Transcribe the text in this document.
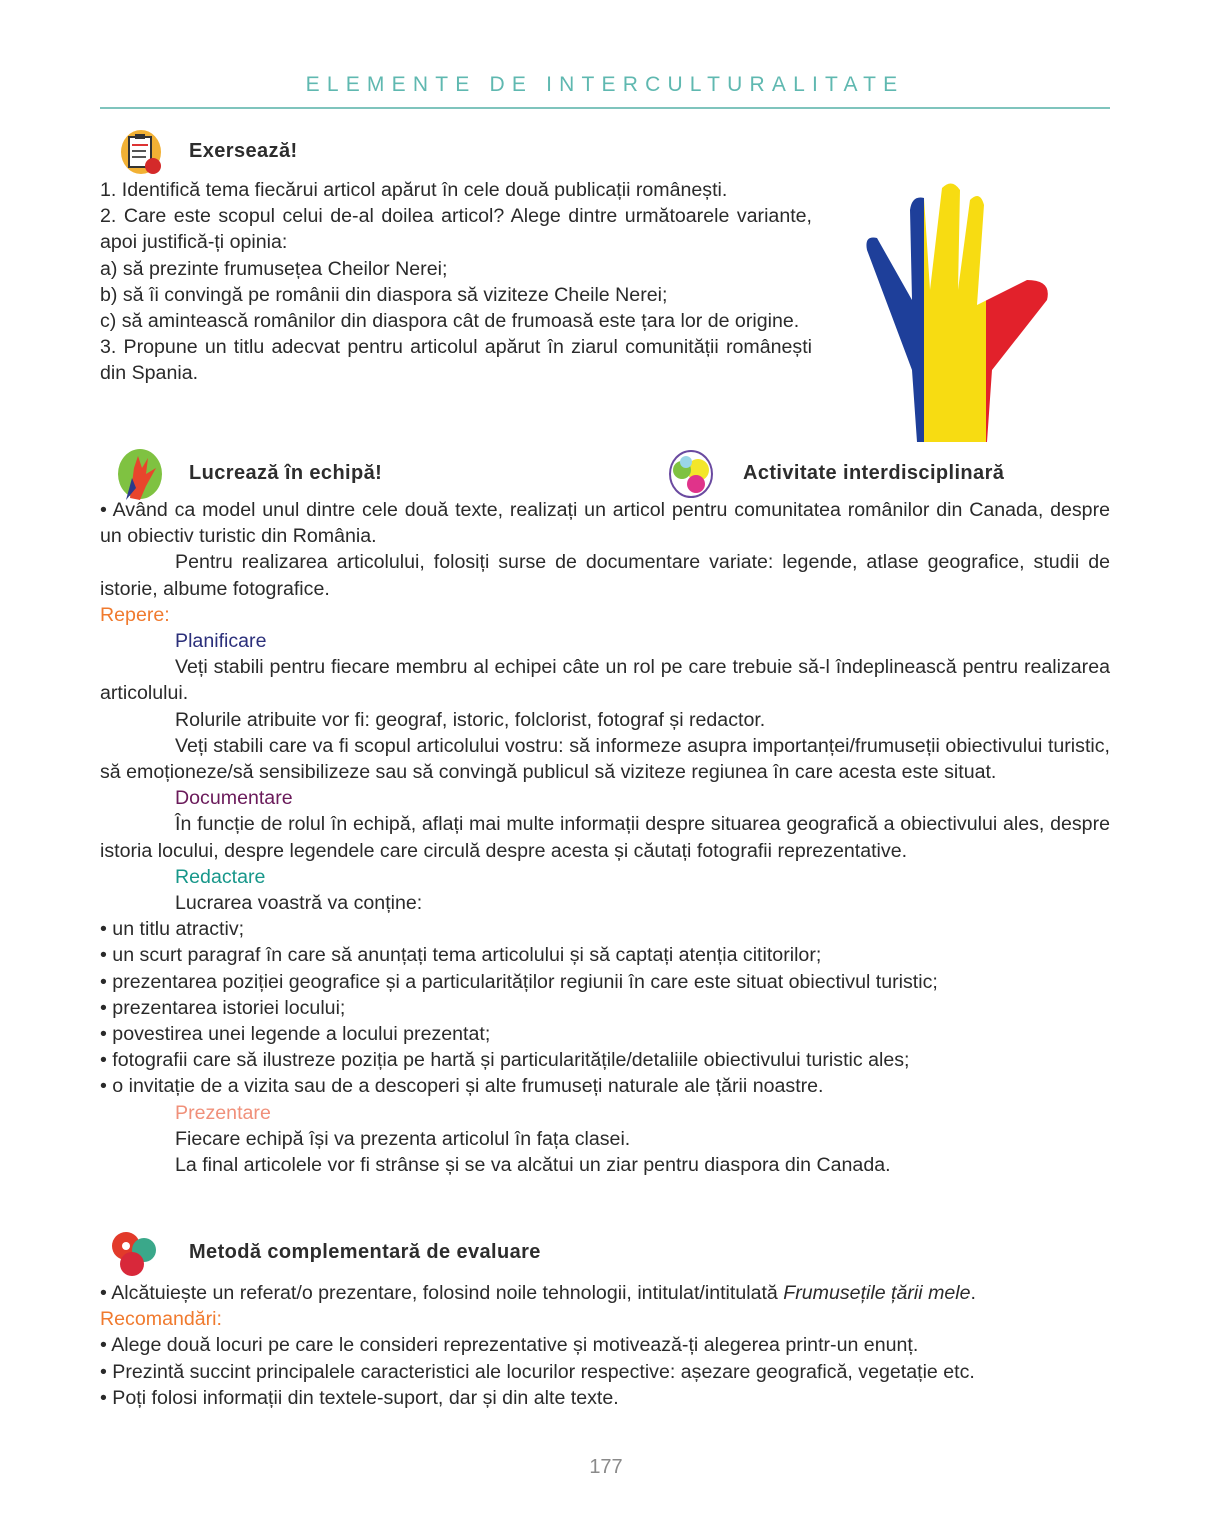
ELEMENTE DE INTERCULTURALITATE
Exersează!

1. Identifică tema fiecărui articol apărut în cele două publicații românești.

2. Care este scopul celui de-al doilea articol? Alege dintre următoarele variante, apoi justifică-ți opinia:

a) să prezinte frumusețea Cheilor Nerei;

b) să îi convingă pe românii din diaspora să viziteze Cheile Nerei;

c) să amintească românilor din diaspora cât de frumoasă este țara lor de origine.

3. Propune un titlu adecvat pentru articolul apărut în ziarul comunității românești din Spania.

Lucrează în echipă!	Activitate interdisciplinară

• Având ca model unul dintre cele două texte, realizați un articol pentru comunitatea românilor din Canada, despre un obiectiv turistic din România.

Pentru realizarea articolului, folosiți surse de documentare variate: legende, atlase geografice, studii de istorie, albume fotografice.

Repere:

Planificare

Veți stabili pentru fiecare membru al echipei câte un rol pe care trebuie să-l îndeplinească pentru realizarea articolului.

Rolurile atribuite vor fi: geograf, istoric, folclorist, fotograf și redactor.

Veți stabili care va fi scopul articolului vostru: să informeze asupra importanței/frumuseții obiectivului turistic, să emoționeze/să sensibilizeze sau să convingă publicul să viziteze regiunea în care acesta este situat.

Documentare

În funcție de rolul în echipă, aflați mai multe informații despre situarea geografică a obiectivului ales, despre istoria locului, despre legendele care circulă despre acesta și căutați fotografii reprezentative.

Redactare

Lucrarea voastră va conține:

• un titlu atractiv;

• un scurt paragraf în care să anunțați tema articolului și să captați atenția cititorilor;

• prezentarea poziției geografice și a particularităților regiunii în care este situat obiectivul turistic;

• prezentarea istoriei locului;

• povestirea unei legende a locului prezentat;

• fotografii care să ilustreze poziția pe hartă și particularitățile/detaliile obiectivului turistic ales;

• o invitație de a vizita sau de a descoperi și alte frumuseți naturale ale țării noastre.

Prezentare

Fiecare echipă își va prezenta articolul în fața clasei.

La final articolele vor fi strânse și se va alcătui un ziar pentru diaspora din Canada.

Metodă complementară de evaluare

• Alcătuiește un referat/o prezentare, folosind noile tehnologii, intitulat/intitulată Frumusețile țării mele.

Recomandări:

• Alege două locuri pe care le consideri reprezentative și motivează-ți alegerea printr-un enunț.

• Prezintă succint principalele caracteristici ale locurilor respective: așezare geografică, vegetație etc.

• Poți folosi informații din textele-suport, dar și din alte texte.

177
